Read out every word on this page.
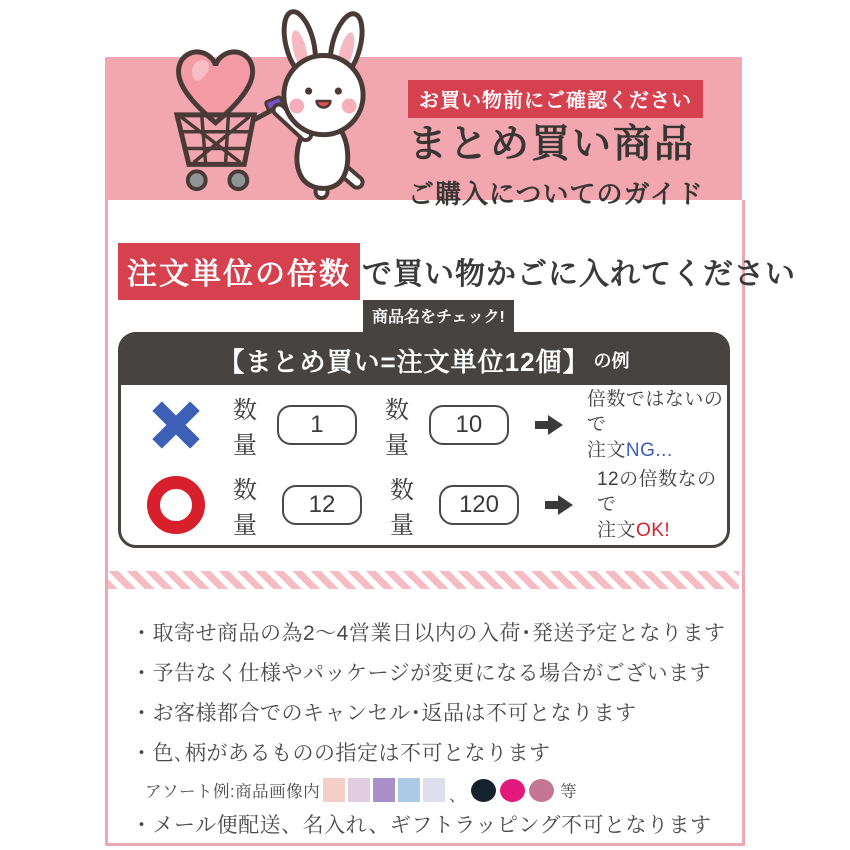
お買い物前にご確認ください
まとめ買い商品
ご購入についてのガイド
注文単位の倍数 で買い物かごに入れてください
商品名をチェック!
【まとめ買い=注文単位12個】 の例
数量
1
数量
10
倍数ではないので
注文NG...
数量
12
数量
120
12の倍数なので
注文OK!
・取寄せ商品の為2〜4営業日以内の入荷･発送予定となります
・予告なく仕様やパッケージが変更になる場合がございます
・お客様都合でのキャンセル･返品は不可となります
・色､柄があるものの指定は不可となります
アソート例:商品画像内	、	等
・メール便配送、名入れ、ギフトラッピング不可となります
